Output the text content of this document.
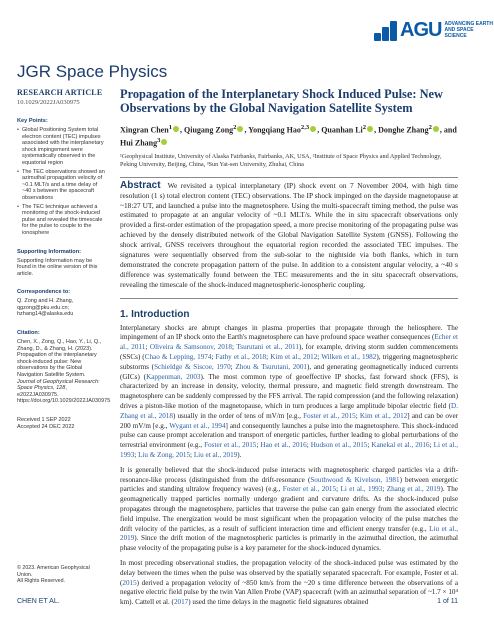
AGU ADVANCING EARTH AND SPACE SCIENCE
JGR Space Physics
RESEARCH ARTICLE
10.1029/2022JA030975
Key Points:
• Global Positioning System total electron content (TEC) impulses associated with the interplanetary shock impingement were systematically observed in the equatorial region
• The TEC observations showed an azimuthal propagation velocity of ~0.1 MLT/s and a time delay of ~40 s between the spacecraft observations
• The TEC technique achieved a monitoring of the shock-induced pulse and revealed the timescale for the pulse to couple to the ionosphere
Supporting Information:

Supporting Information may be found in the online version of this article.

Correspondence to:

Q. Zong and H. Zhang,

qgzong@pku.edu.cn;

hzhang14@alaska.edu

Citation:

Chen, X., Zong, Q., Hao, Y., Li, Q., Zhang, D., & Zhang, H. (2023). Propagation of the interplanetary shock-induced pulse: New observations by the Global Navigation Satellite System. Journal of Geophysical Research: Space Physics, 128, e2022JA030975. https://doi.org/10.1029/2022JA030975

Received 1 SEP 2022

Accepted 24 DEC 2022

© 2023. American Geophysical Union.

All Rights Reserved.

Propagation of the Interplanetary Shock Induced Pulse: New Observations by the Global Navigation Satellite System
Xingran Chen$^1$ , Qiugang Zong$^2$ , Yongqiang Hao$^{2,3}$ , Quanhan Li$^2$ , Donghe Zhang$^2$ , and
Hui Zhang$^3$
¹Geophysical Institute, University of Alaska Fairbanks, Fairbanks, AK, USA, ²Institute of Space Physics and Applied Technology, Peking University, Beijing, China, ³Sun Yat-sen University, Zhuhai, China
Abstract We revisited a typical interplanetary (IP) shock event on 7 November 2004, with high time resolution (1 s) total electron content (TEC) observations. The IP shock impinged on the dayside magnetopause at ~18:27 UT, and launched a pulse into the magnetosphere. Using the multi-spacecraft timing method, the pulse was estimated to propagate at an angular velocity of ~0.1 MLT/s. While the in situ spacecraft observations only provided a first-order estimation of the propagation speed, a more precise monitoring of the propagating pulse was achieved by the densely distributed network of the Global Navigation Satellite System (GNSS). Following the shock arrival, GNSS receivers throughout the equatorial region recorded the associated TEC impulses. The signatures were sequentially observed from the sub-solar to the nightside via both flanks, which in turn demonstrated the concrete propagation pattern of the pulse. In addition to a consistent angular velocity, a ~40 s difference was systematically found between the TEC measurements and the in situ spacecraft observations, revealing the timescale of the shock-induced magnetospheric-ionospheric coupling.
1. Introduction

Interplanetary shocks are abrupt changes in plasma properties that propagate through the heliosphere. The impingement of an IP shock onto the Earth's magnetosphere can have profound space weather consequences (Echer et al., 2011; Oliveira & Samsonov, 2018; Tsurutani et al., 2011), for example, driving storm sudden commencements (SSCs) (Chao & Lepping, 1974; Fathy et al., 2018; Kim et al., 2012; Wilken et al., 1982), triggering magnetospheric substorms (Schieldge & Siscoe, 1970; Zhou & Tsurutani, 2001), and generating geomagnetically induced currents (GICs) (Kappenman, 2003). The most common type of geoeffective IP shocks, fast forward shock (FFS), is characterized by an increase in density, velocity, thermal pressure, and magnetic field strength downstream. The magnetosphere can be suddenly compressed by the FFS arrival. The rapid compression (and the following relaxation) drives a piston-like motion of the magnetopause, which in turn produces a large amplitude bipolar electric field (D. Zhang et al., 2018) usually in the order of tens of mV/m [e.g., Foster et al., 2015; Kim et al., 2012] and can be over 200 mV/m [e.g., Wygant et al., 1994] and consequently launches a pulse into the magnetosphere. This shock-induced pulse can cause prompt acceleration and transport of energetic particles, further leading to global perturbations of the terrestrial environment (e.g., Foster et al., 2015; Hao et al., 2016; Hudson et al., 2015; Kanekal et al., 2016; Li et al., 1993; Liu & Zong, 2015; Liu et al., 2019).

It is generally believed that the shock-induced pulse interacts with magnetospheric charged particles via a drift-resonance-like process (distinguished from the drift-resonance (Southwood & Kivelson, 1981) between energetic particles and standing ultralow frequency waves) (e.g., Foster et al., 2015; Li et al., 1993; Zhang et al., 2019). The geomagnetically trapped particles normally undergo gradient and curvature drifts. As the shock-induced pulse propagates through the magnetosphere, particles that traverse the pulse can gain energy from the associated electric field impulse. The energization would be most significant when the propagation velocity of the pulse matches the drift velocity of the particles, as a result of sufficient interaction time and efficient energy transfer (e.g., Liu et al., 2019). Since the drift motion of the magnetospheric particles is primarily in the azimuthal direction, the azimuthal phase velocity of the propagating pulse is a key parameter for the shock-induced dynamics.

In most preceding observational studies, the propagation velocity of the shock-induced pulse was estimated by the delay between the times when the pulse was observed by the spatially separated spacecraft. For example, Foster et al. (2015) derived a propagation velocity of ~850 km/s from the ~20 s time difference between the observations of a negative electric field pulse by the twin Van Allen Probe (VAP) spacecraft (with an azimuthal separation of ~1.7 × 10⁴ km). Cattell et al. (2017) used the time delays in the magnetic field signatures obtained

CHEN ET AL.	1 of 11
